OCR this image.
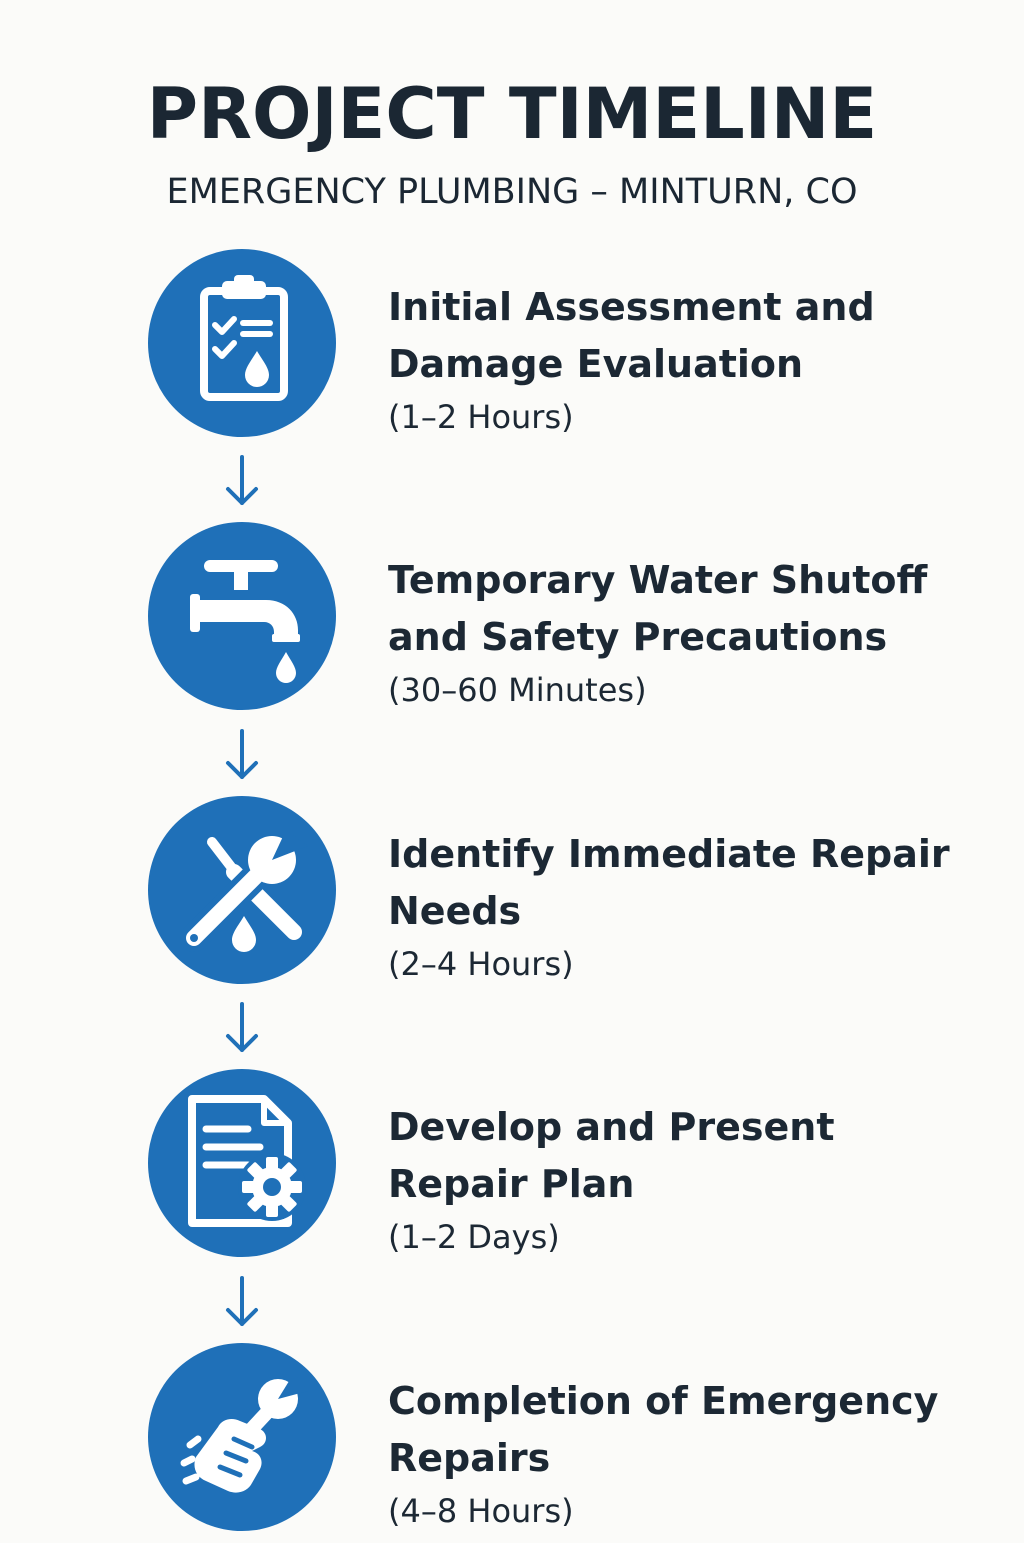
PROJECT TIMELINE

EMERGENCY PLUMBING – MINTURN, CO

Initial Assessment and
Damage Evaluation
(1–2 Hours)
Temporary Water Shutoff
and Safety Precautions
(30–60 Minutes)
Identify Immediate Repair
Needs
(2–4 Hours)
Develop and Present
Repair Plan
(1–2 Days)
Completion of Emergency
Repairs
(4–8 Hours)
